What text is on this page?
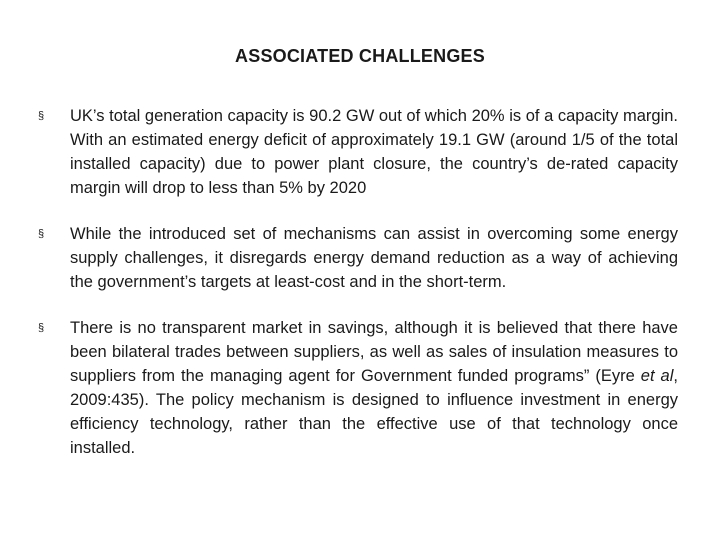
ASSOCIATED CHALLENGES
§	UK’s total generation capacity is 90.2 GW out of which 20% is of a capacity margin. With an estimated energy deficit of approximately 19.1 GW (around 1/5 of the total installed capacity) due to power plant closure, the country’s de-rated capacity margin will drop to less than 5% by 2020
§	While the introduced set of mechanisms can assist in overcoming some energy supply challenges, it disregards energy demand reduction as a way of achieving the government’s targets at least-cost and in the short-term.
§	There is no transparent market in savings, although it is believed that there have been bilateral trades between suppliers, as well as sales of insulation measures to suppliers from the managing agent for Government funded programs” (Eyre et al, 2009:435). The policy mechanism is designed to influence investment in energy efficiency technology, rather than the effective use of that technology once installed.
